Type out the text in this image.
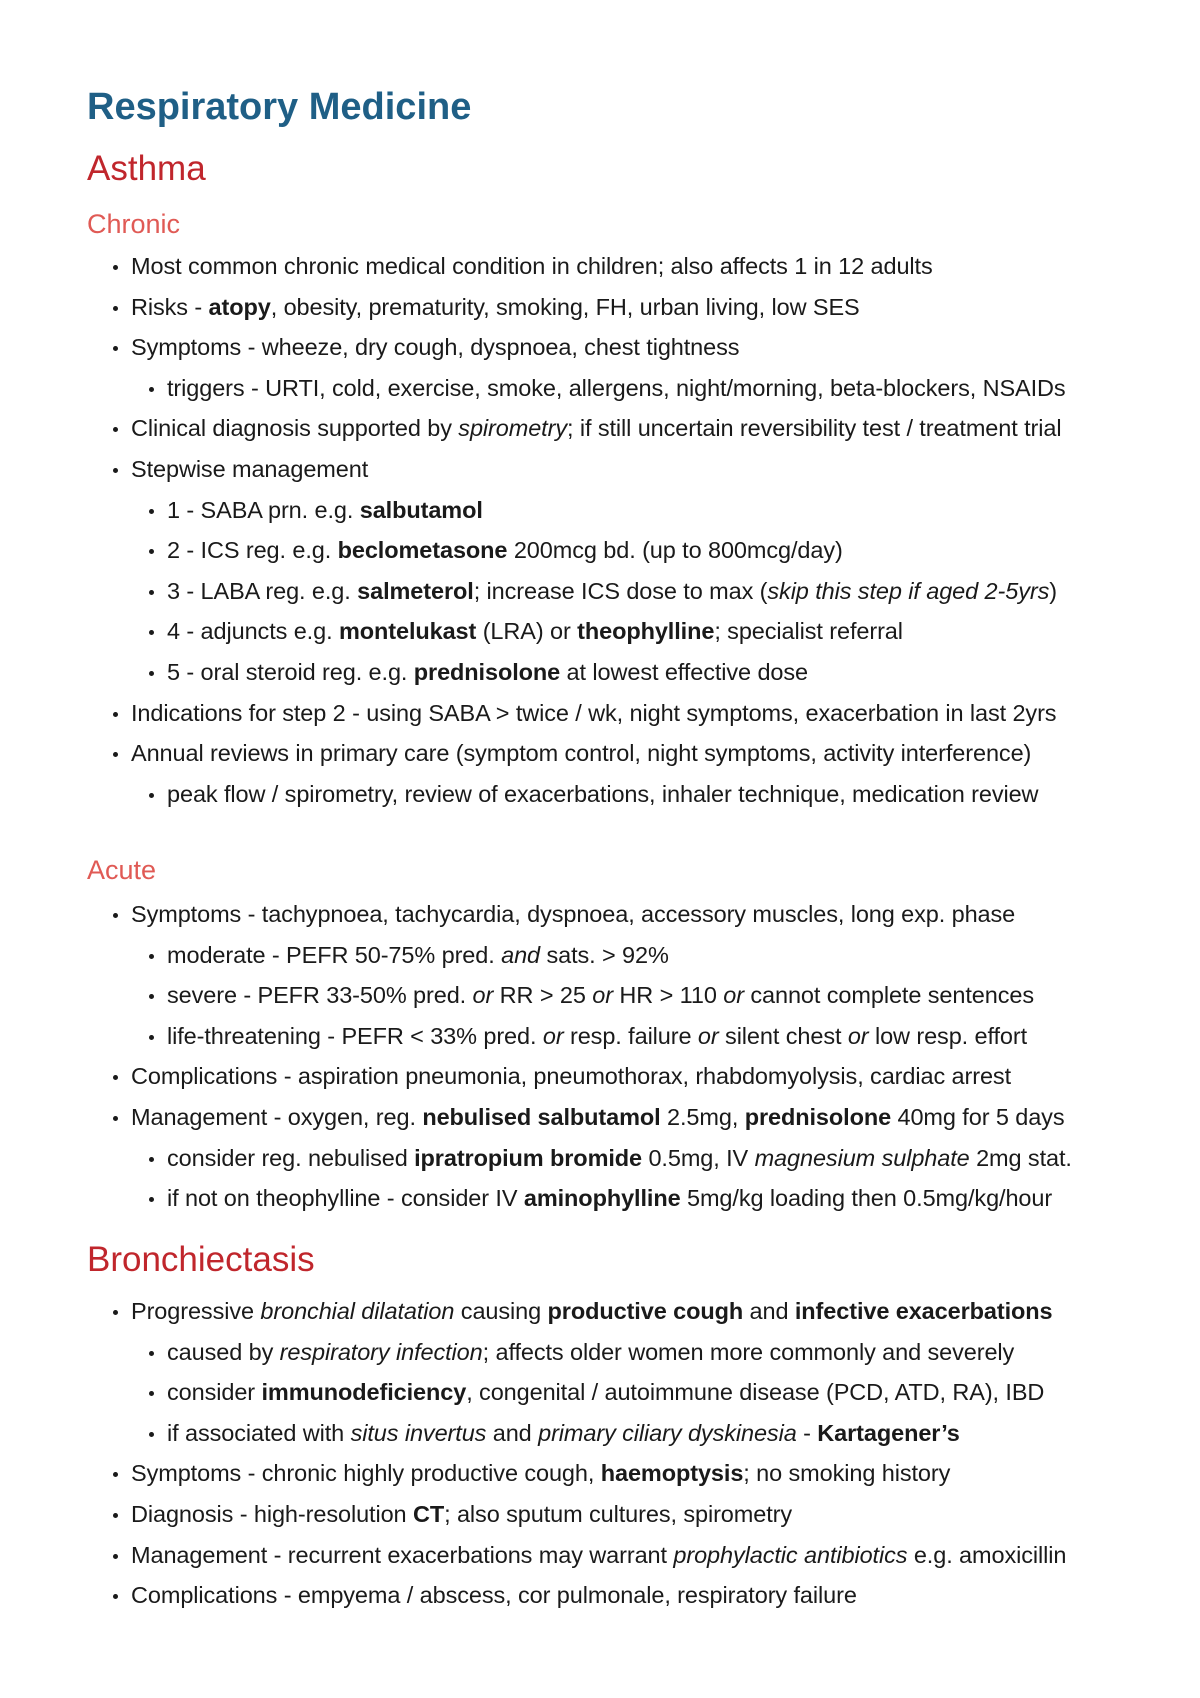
Respiratory Medicine
Asthma
Chronic
Most common chronic medical condition in children; also affects 1 in 12 adults
Risks - atopy, obesity, prematurity, smoking, FH, urban living, low SES
Symptoms - wheeze, dry cough, dyspnoea, chest tightness
triggers - URTI, cold, exercise, smoke, allergens, night/morning, beta-blockers, NSAIDs
Clinical diagnosis supported by spirometry; if still uncertain reversibility test / treatment trial
Stepwise management
1 - SABA prn. e.g. salbutamol
2 - ICS reg. e.g. beclometasone 200mcg bd. (up to 800mcg/day)
3 - LABA reg. e.g. salmeterol; increase ICS dose to max (skip this step if aged 2-5yrs)
4 - adjuncts e.g. montelukast (LRA) or theophylline; specialist referral
5 - oral steroid reg. e.g. prednisolone at lowest effective dose
Indications for step 2 - using SABA > twice / wk, night symptoms, exacerbation in last 2yrs
Annual reviews in primary care (symptom control, night symptoms, activity interference)
peak flow / spirometry, review of exacerbations, inhaler technique, medication review
Acute
Symptoms - tachypnoea, tachycardia, dyspnoea, accessory muscles, long exp. phase
moderate - PEFR 50-75% pred. and sats. > 92%
severe - PEFR 33-50% pred. or RR > 25 or HR > 110 or cannot complete sentences
life-threatening - PEFR < 33% pred. or resp. failure or silent chest or low resp. effort
Complications - aspiration pneumonia, pneumothorax, rhabdomyolysis, cardiac arrest
Management - oxygen, reg. nebulised salbutamol 2.5mg, prednisolone 40mg for 5 days
consider reg. nebulised ipratropium bromide 0.5mg, IV magnesium sulphate 2mg stat.
if not on theophylline - consider IV aminophylline 5mg/kg loading then 0.5mg/kg/hour
Bronchiectasis
Progressive bronchial dilatation causing productive cough and infective exacerbations
caused by respiratory infection; affects older women more commonly and severely
consider immunodeficiency, congenital / autoimmune disease (PCD, ATD, RA), IBD
if associated with situs invertus and primary ciliary dyskinesia - Kartagener’s
Symptoms - chronic highly productive cough, haemoptysis; no smoking history
Diagnosis - high-resolution CT; also sputum cultures, spirometry
Management - recurrent exacerbations may warrant prophylactic antibiotics e.g. amoxicillin
Complications - empyema / abscess, cor pulmonale, respiratory failure
